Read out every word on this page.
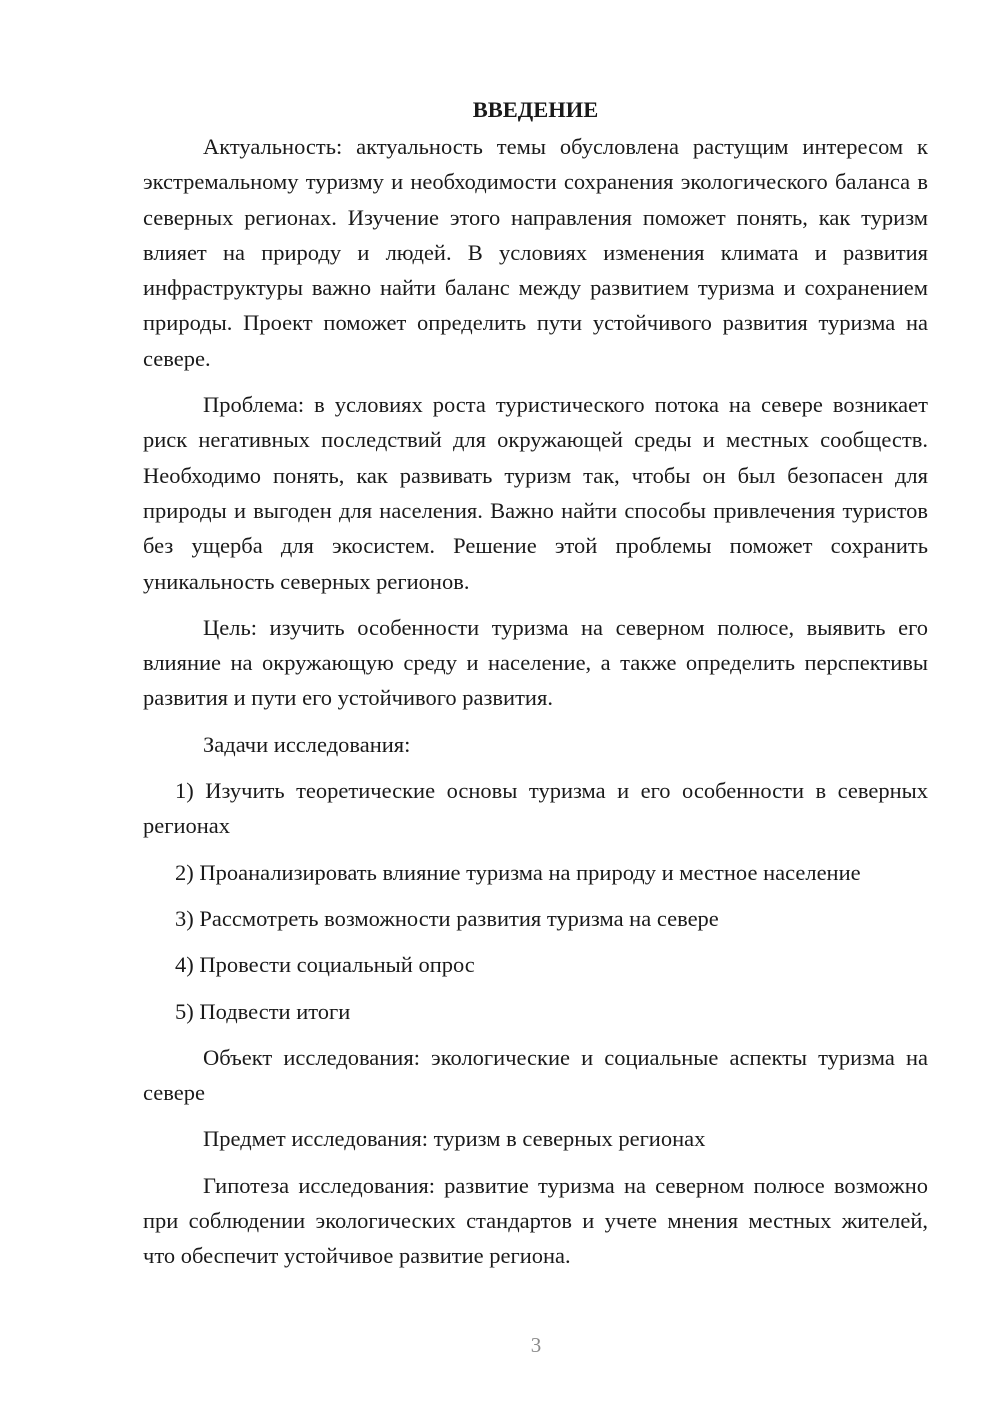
ВВЕДЕНИЕ

Актуальность: актуальность темы обусловлена растущим интересом к экстремальному туризму и необходимости сохранения экологического баланса в северных регионах. Изучение этого направления поможет понять, как туризм влияет на природу и людей. В условиях изменения климата и развития инфраструктуры важно найти баланс между развитием туризма и сохранением природы. Проект поможет определить пути устойчивого развития туризма на севере.

Проблема: в условиях роста туристического потока на севере возникает риск негативных последствий для окружающей среды и местных сообществ. Необходимо понять, как развивать туризм так, чтобы он был безопасен для природы и выгоден для населения. Важно найти способы привлечения туристов без ущерба для экосистем. Решение этой проблемы поможет сохранить уникальность северных регионов.

Цель: изучить особенности туризма на северном полюсе, выявить его влияние на окружающую среду и население, а также определить перспективы развития и пути его устойчивого развития.

Задачи исследования:

1) Изучить теоретические основы туризма и его особенности в северных регионах

2) Проанализировать влияние туризма на природу и местное население

3) Рассмотреть возможности развития туризма на севере

4) Провести социальный опрос

5) Подвести итоги

Объект исследования: экологические и социальные аспекты туризма на севере

Предмет исследования: туризм в северных регионах

Гипотеза исследования: развитие туризма на северном полюсе возможно при соблюдении экологических стандартов и учете мнения местных жителей, что обеспечит устойчивое развитие региона.

3
